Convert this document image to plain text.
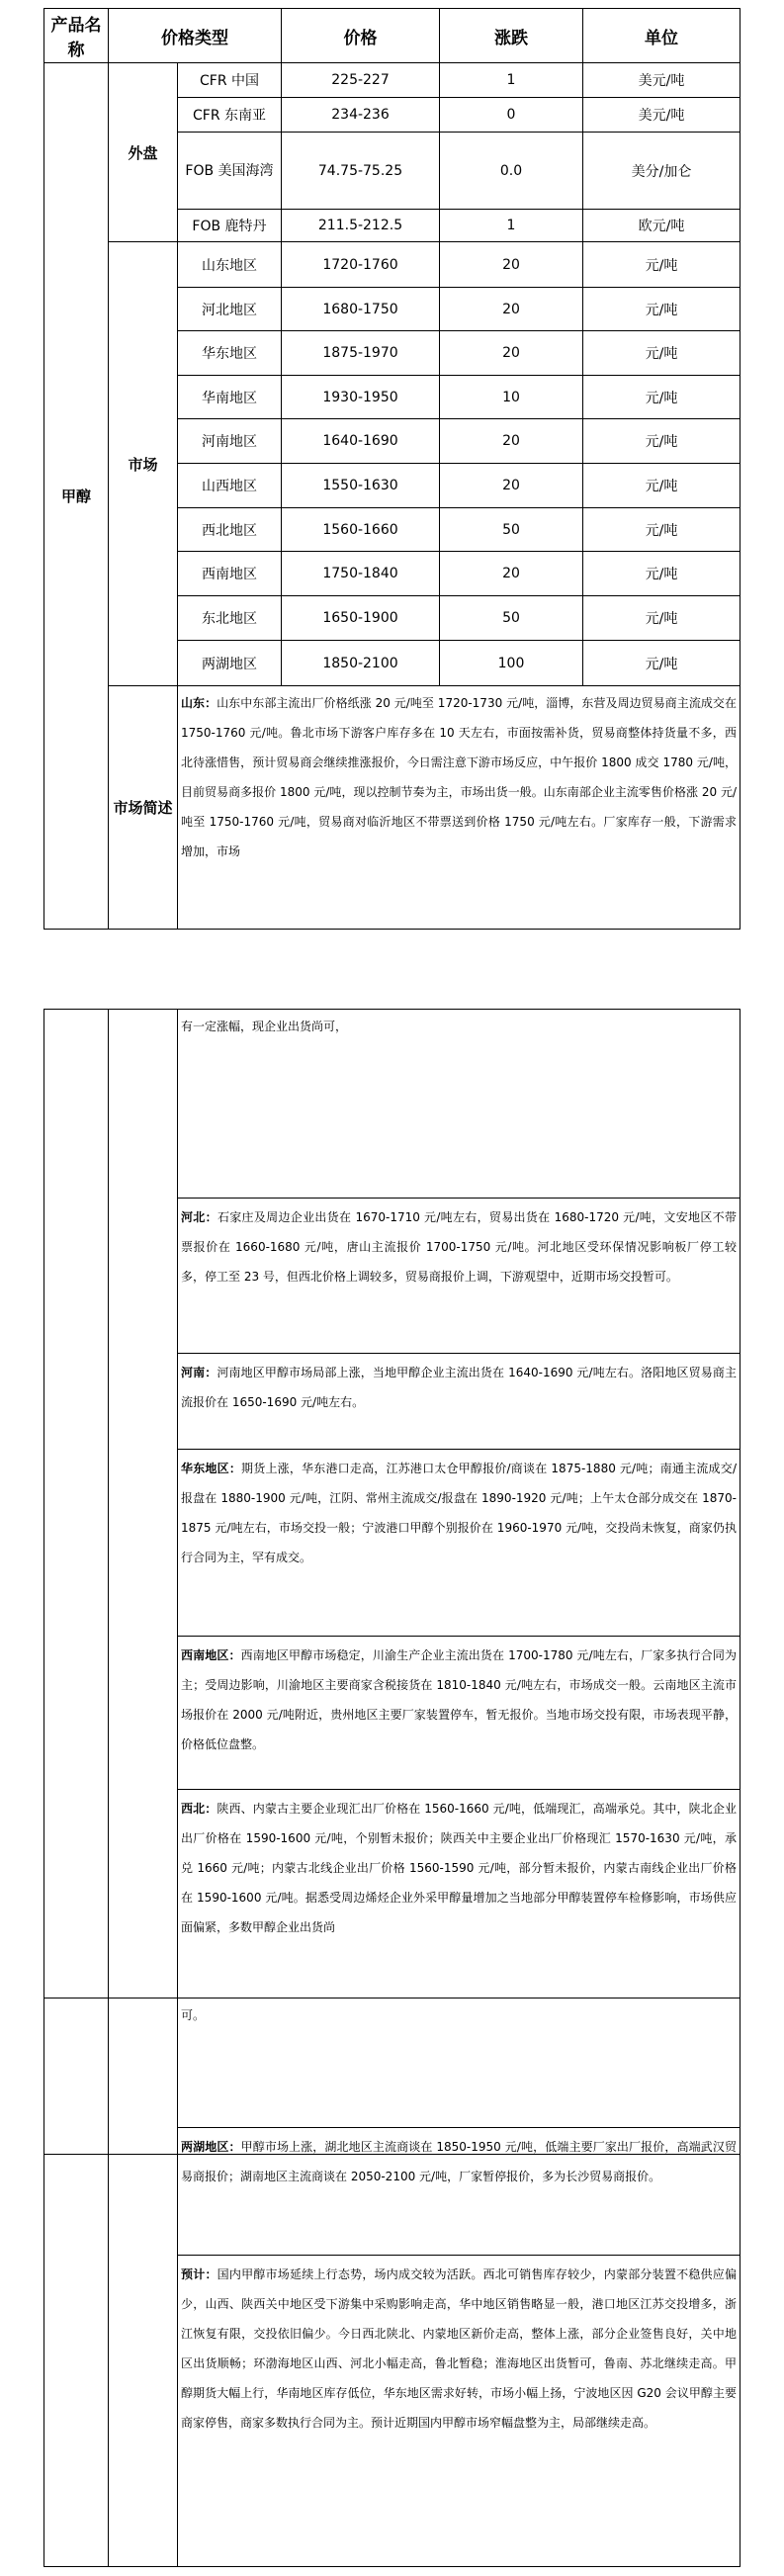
产品名称	价格类型		价格	涨跌	单位
甲醇	外盘	CFR 中国	225-227	1	美元/吨
		CFR 东南亚	234-236	0	美元/吨
		FOB 美国海湾	74.75-75.25	0.0	美分/加仑
		FOB 鹿特丹	211.5-212.5	1	欧元/吨
	市场	山东地区	1720-1760	20	元/吨
		河北地区	1680-1750	20	元/吨
		华东地区	1875-1970	20	元/吨
		华南地区	1930-1950	10	元/吨
		河南地区	1640-1690	20	元/吨
		山西地区	1550-1630	20	元/吨
		西北地区	1560-1660	50	元/吨
		西南地区	1750-1840	20	元/吨
		东北地区	1650-1900	50	元/吨
		两湖地区	1850-2100	100	元/吨
	市场简述	山东：山东中东部主流出厂价格纸涨 20 元/吨至 1720-1730 元/吨，淄博，东营及周边贸易商主流成交在 1750-1760 元/吨。鲁北市场下游客户库存多在 10 天左右，市面按需补货，贸易商整体持货量不多，西北待涨惜售，预计贸易商会继续推涨报价，今日需注意下游市场反应，中午报价 1800 成交 1780 元/吨，目前贸易商多报价 1800 元/吨，现以控制节奏为主，市场出货一般。山东南部企业主流零售价格涨 20 元/吨至 1750-1760 元/吨，贸易商对临沂地区不带票送到价格 1750 元/吨左右。厂家库存一般，下游需求增加，市场			

有一定涨幅，现企业出货尚可，
河北：石家庄及周边企业出货在 1670-1710 元/吨左右，贸易出货在 1680-1720 元/吨，文安地区不带票报价在 1660-1680 元/吨，唐山主流报价 1700-1750 元/吨。河北地区受环保情况影响板厂停工较多，停工至 23 号，但西北价格上调较多，贸易商报价上调，下游观望中，近期市场交投暂可。
河南：河南地区甲醇市场局部上涨，当地甲醇企业主流出货在 1640-1690 元/吨左右。洛阳地区贸易商主流报价在 1650-1690 元/吨左右。
华东地区：期货上涨，华东港口走高，江苏港口太仓甲醇报价/商谈在 1875-1880 元/吨；南通主流成交/报盘在 1880-1900 元/吨，江阴、常州主流成交/报盘在 1890-1920 元/吨；上午太仓部分成交在 1870-1875 元/吨左右，市场交投一般；宁波港口甲醇个别报价在 1960-1970 元/吨，交投尚未恢复，商家仍执行合同为主，罕有成交。
西南地区：西南地区甲醇市场稳定，川渝生产企业主流出货在 1700-1780 元/吨左右，厂家多执行合同为主；受周边影响，川渝地区主要商家含税接货在 1810-1840 元/吨左右，市场成交一般。云南地区主流市场报价在 2000 元/吨附近，贵州地区主要厂家装置停车，暂无报价。当地市场交投有限，市场表现平静，价格低位盘整。
西北：陕西、内蒙古主要企业现汇出厂价格在 1560-1660 元/吨，低端现汇，高端承兑。其中，陕北企业出厂价格在 1590-1600 元/吨，个别暂未报价；陕西关中主要企业出厂价格现汇 1570-1630 元/吨，承兑 1660 元/吨；内蒙古北线企业出厂价格 1560-1590 元/吨，部分暂未报价，内蒙古南线企业出厂价格在 1590-1600 元/吨。据悉受周边烯烃企业外采甲醇量增加之当地部分甲醇装置停车检修影响，市场供应面偏紧，多数甲醇企业出货尚

可。
两湖地区：甲醇市场上涨，湖北地区主流商谈在 1850-1950 元/吨，低端主要厂家出厂报价，高端武汉贸易商报价；湖南地区主流商谈在 2050-2100 元/吨，厂家暂停报价，多为长沙贸易商报价。
预计：国内甲醇市场延续上行态势，场内成交较为活跃。西北可销售库存较少，内蒙部分装置不稳供应偏少，山西、陕西关中地区受下游集中采购影响走高，华中地区销售略显一般，港口地区江苏交投增多，浙江恢复有限，交投依旧偏少。今日西北陕北、内蒙地区新价走高，整体上涨，部分企业签售良好，关中地区出货顺畅；环渤海地区山西、河北小幅走高，鲁北暂稳；淮海地区出货暂可，鲁南、苏北继续走高。甲醇期货大幅上行，华南地区库存低位，华东地区需求好转，市场小幅上扬，宁波地区因 G20 会议甲醇主要商家停售，商家多数执行合同为主。预计近期国内甲醇市场窄幅盘整为主，局部继续走高。
